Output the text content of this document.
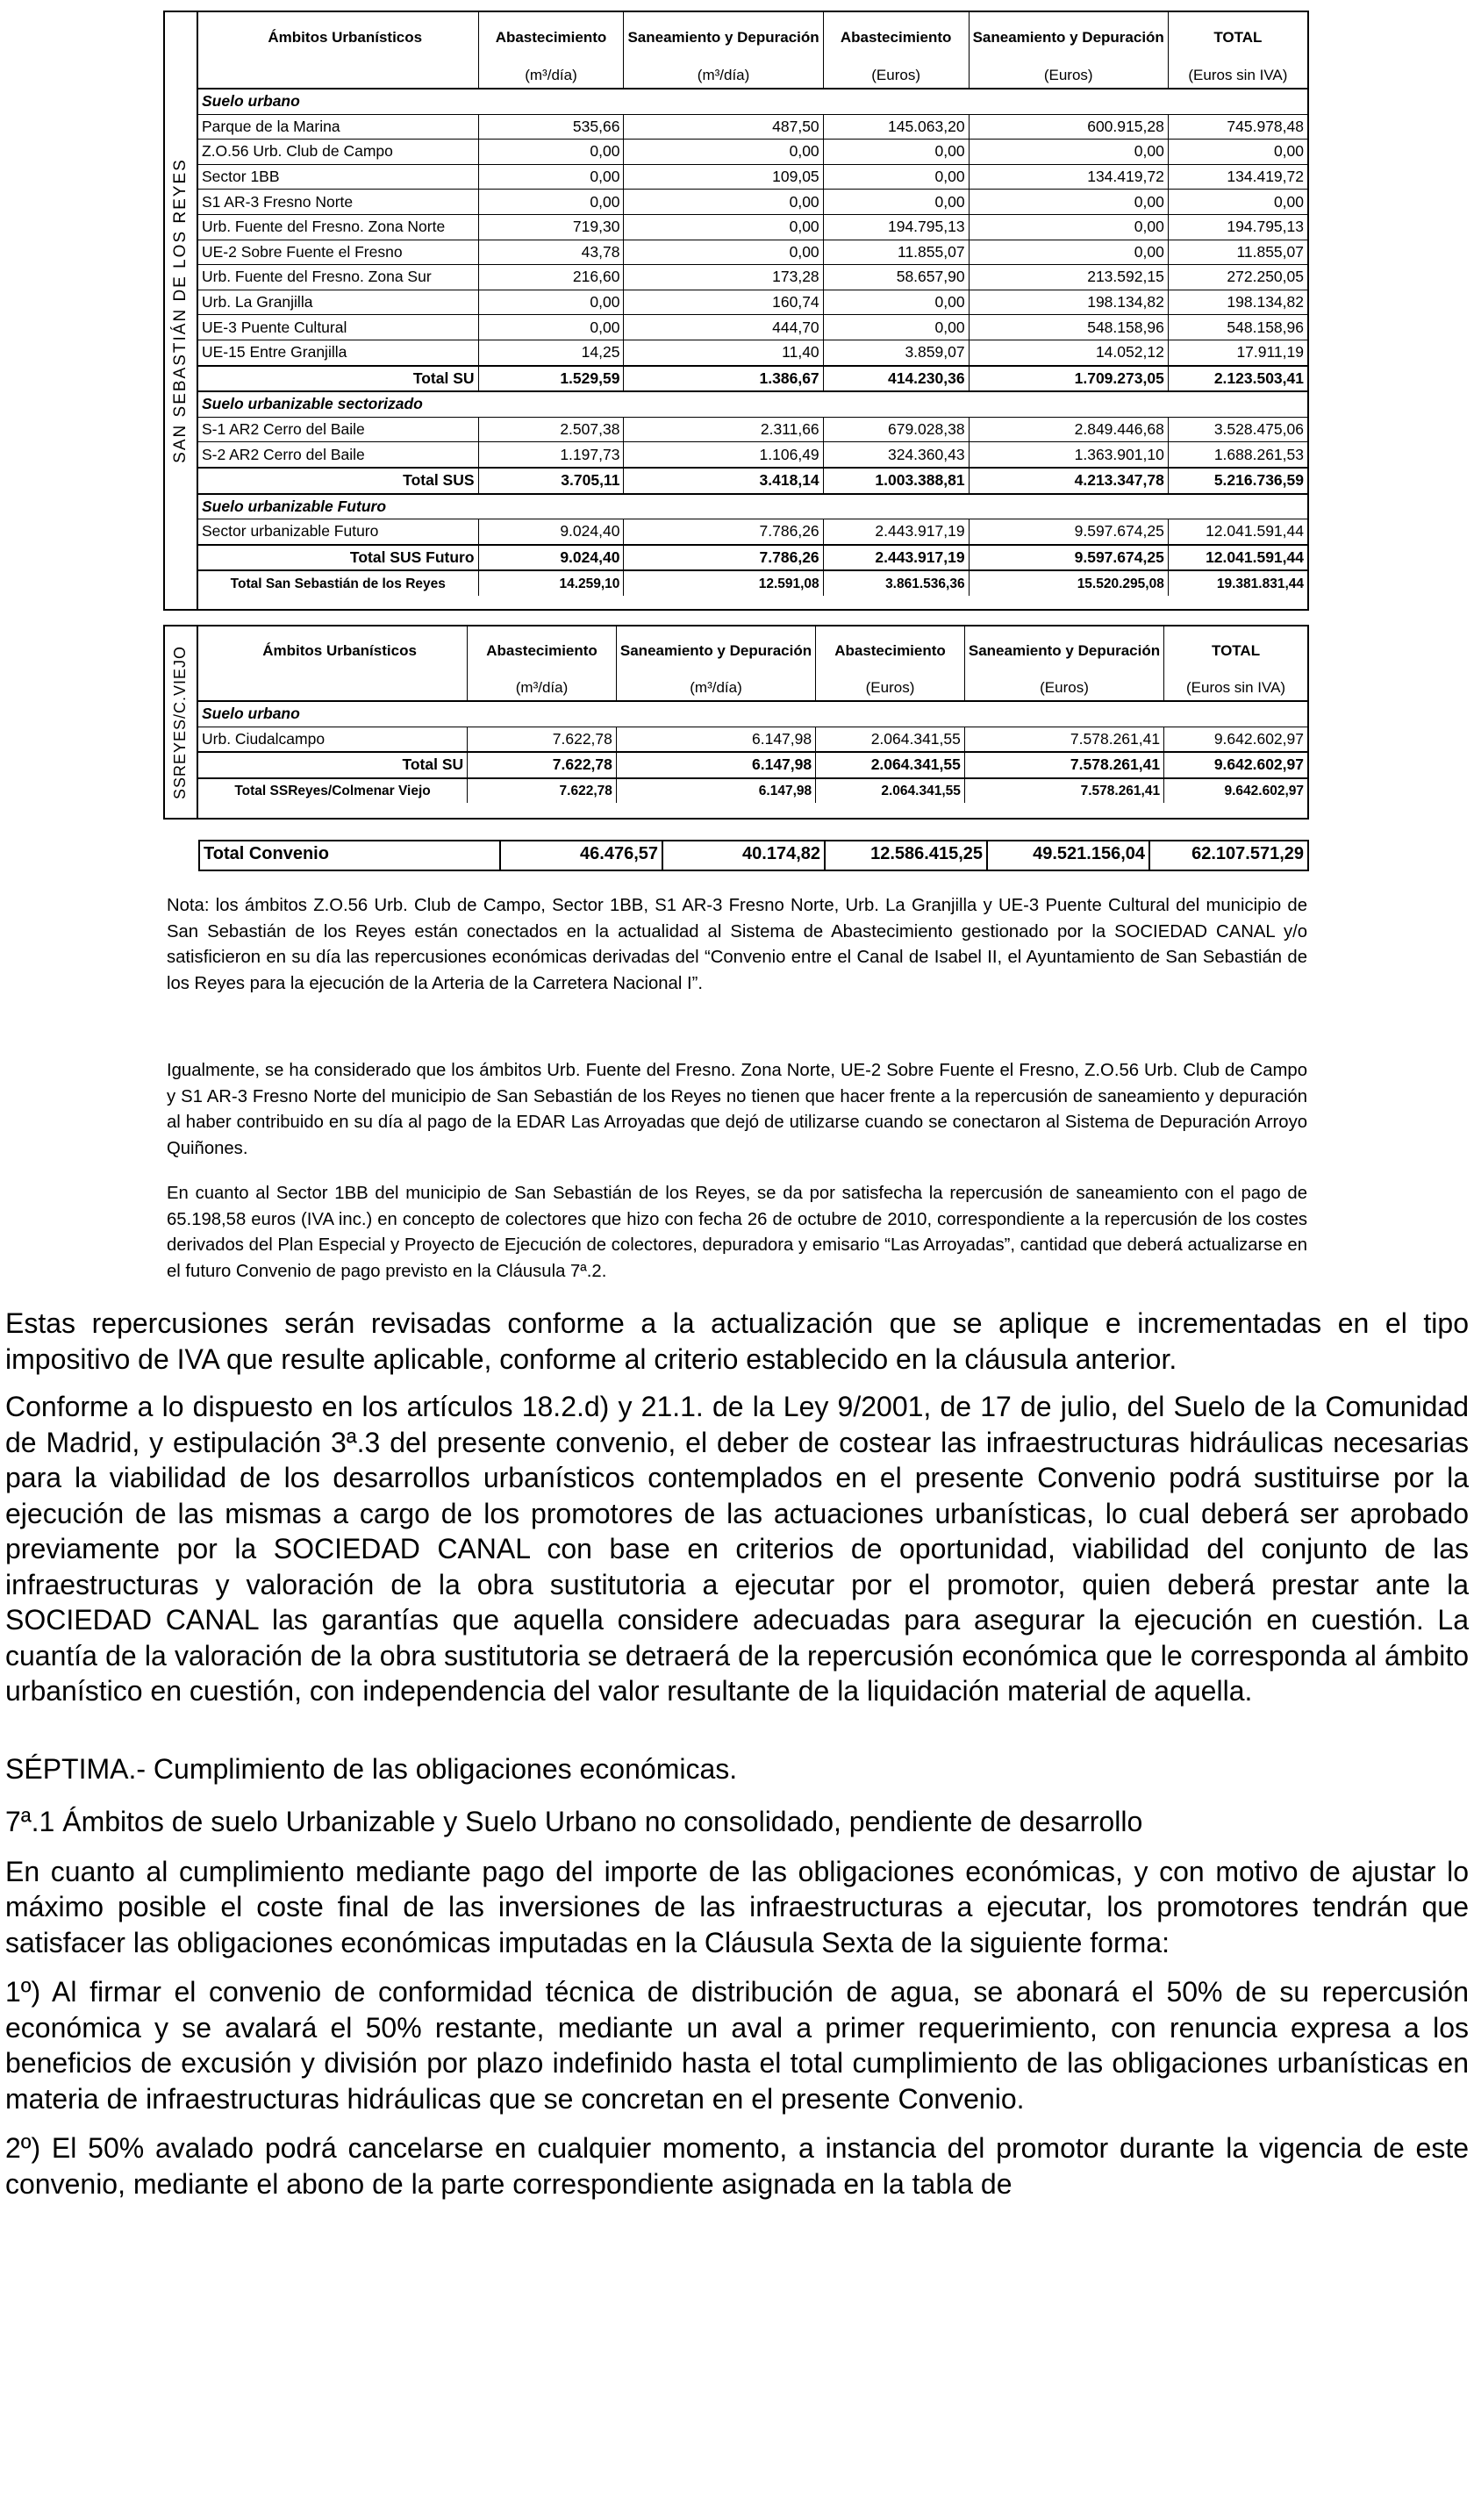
SAN SEBASTIÁN DE LOS REYES
Ámbitos Urbanísticos	Abastecimiento	Saneamiento y Depuración	Abastecimiento	Saneamiento y Depuración	TOTAL
	(m³/día)	(m³/día)	(Euros)	(Euros)	(Euros sin IVA)
Suelo urbano					
Parque de la Marina	535,66	487,50	145.063,20	600.915,28	745.978,48
Z.O.56 Urb. Club de Campo	0,00	0,00	0,00	0,00	0,00
Sector 1BB	0,00	109,05	0,00	134.419,72	134.419,72
S1 AR-3 Fresno Norte	0,00	0,00	0,00	0,00	0,00
Urb. Fuente del Fresno. Zona Norte	719,30	0,00	194.795,13	0,00	194.795,13
UE-2 Sobre Fuente el Fresno	43,78	0,00	11.855,07	0,00	11.855,07
Urb. Fuente del Fresno. Zona Sur	216,60	173,28	58.657,90	213.592,15	272.250,05
Urb. La Granjilla	0,00	160,74	0,00	198.134,82	198.134,82
UE-3 Puente Cultural	0,00	444,70	0,00	548.158,96	548.158,96
UE-15 Entre Granjilla	14,25	11,40	3.859,07	14.052,12	17.911,19
Total SU	1.529,59	1.386,67	414.230,36	1.709.273,05	2.123.503,41
Suelo urbanizable sectorizado					
S-1 AR2 Cerro del Baile	2.507,38	2.311,66	679.028,38	2.849.446,68	3.528.475,06
S-2 AR2 Cerro del Baile	1.197,73	1.106,49	324.360,43	1.363.901,10	1.688.261,53
Total SUS	3.705,11	3.418,14	1.003.388,81	4.213.347,78	5.216.736,59
Suelo urbanizable Futuro					
Sector urbanizable Futuro	9.024,40	7.786,26	2.443.917,19	9.597.674,25	12.041.591,44
Total SUS Futuro	9.024,40	7.786,26	2.443.917,19	9.597.674,25	12.041.591,44
Total San Sebastián de los Reyes	14.259,10	12.591,08	3.861.536,36	15.520.295,08	19.381.831,44
SSREYES/C.VIEJO	Ámbitos Urbanísticos	Abastecimiento	Saneamiento y Depuración	Abastecimiento	Saneamiento y Depuración	TOTAL
	(m³/día)	(m³/día)	(Euros)	(Euros)	(Euros sin IVA)
Suelo urbano					
Urb. Ciudalcampo	7.622,78	6.147,98	2.064.341,55	7.578.261,41	9.642.602,97
Total SU	7.622,78	6.147,98	2.064.341,55	7.578.261,41	9.642.602,97
Total SSReyes/Colmenar Viejo	7.622,78	6.147,98	2.064.341,55	7.578.261,41	9.642.602,97
Total Convenio	46.476,57	40.174,82	12.586.415,25	49.521.156,04	62.107.571,29
Nota: los ámbitos Z.O.56 Urb. Club de Campo, Sector 1BB, S1 AR-3 Fresno Norte, Urb. La Granjilla y UE-3 Puente Cultural del municipio de San Sebastián de los Reyes están conectados en la actualidad al Sistema de Abastecimiento gestionado por la SOCIEDAD CANAL y/o satisficieron en su día las repercusiones económicas derivadas del “Convenio entre el Canal de Isabel II, el Ayuntamiento de San Sebastián de los Reyes para la ejecución de la Arteria de la Carretera Nacional I”.
Igualmente, se ha considerado que los ámbitos Urb. Fuente del Fresno. Zona Norte, UE-2 Sobre Fuente el Fresno, Z.O.56 Urb. Club de Campo y S1 AR-3 Fresno Norte del municipio de San Sebastián de los Reyes no tienen que hacer frente a la repercusión de saneamiento y depuración al haber contribuido en su día al pago de la EDAR Las Arroyadas que dejó de utilizarse cuando se conectaron al Sistema de Depuración Arroyo Quiñones.
En cuanto al Sector 1BB del municipio de San Sebastián de los Reyes, se da por satisfecha la repercusión de saneamiento con el pago de 65.198,58 euros (IVA inc.) en concepto de colectores que hizo con fecha 26 de octubre de 2010, correspondiente a la repercusión de los costes derivados del Plan Especial y Proyecto de Ejecución de colectores, depuradora y emisario “Las Arroyadas”, cantidad que deberá actualizarse en el futuro Convenio de pago previsto en la Cláusula 7ª.2.

Estas repercusiones serán revisadas conforme a la actualización que se aplique e incrementadas en el tipo impositivo de IVA que resulte aplicable, conforme al criterio establecido en la cláusula anterior.

Conforme a lo dispuesto en los artículos 18.2.d) y 21.1. de la Ley 9/2001, de 17 de julio, del Suelo de la Comunidad de Madrid, y estipulación 3ª.3 del presente convenio, el deber de costear las infraestructuras hidráulicas necesarias para la viabilidad de los desarrollos urbanísticos contemplados en el presente Convenio podrá sustituirse por la ejecución de las mismas a cargo de los promotores de las actuaciones urbanísticas, lo cual deberá ser aprobado previamente por la SOCIEDAD CANAL con base en criterios de oportunidad, viabilidad del conjunto de las infraestructuras y valoración de la obra sustitutoria a ejecutar por el promotor, quien deberá prestar ante la SOCIEDAD CANAL las garantías que aquella considere adecuadas para asegurar la ejecución en cuestión. La cuantía de la valoración de la obra sustitutoria se detraerá de la repercusión económica que le corresponda al ámbito urbanístico en cuestión, con independencia del valor resultante de la liquidación material de aquella.

SÉPTIMA.- Cumplimiento de las obligaciones económicas.

7ª.1 Ámbitos de suelo Urbanizable y Suelo Urbano no consolidado, pendiente de desarrollo

En cuanto al cumplimiento mediante pago del importe de las obligaciones económicas, y con motivo de ajustar lo máximo posible el coste final de las inversiones de las infraestructuras a ejecutar, los promotores tendrán que satisfacer las obligaciones económicas imputadas en la Cláusula Sexta de la siguiente forma:

1º) Al firmar el convenio de conformidad técnica de distribución de agua, se abonará el 50% de su repercusión económica y se avalará el 50% restante, mediante un aval a primer requerimiento, con renuncia expresa a los beneficios de excusión y división por plazo indefinido hasta el total cumplimiento de las obligaciones urbanísticas en materia de infraestructuras hidráulicas que se concretan en el presente Convenio.

2º) El 50% avalado podrá cancelarse en cualquier momento, a instancia del promotor durante la vigencia de este convenio, mediante el abono de la parte correspondiente asignada en la tabla de
